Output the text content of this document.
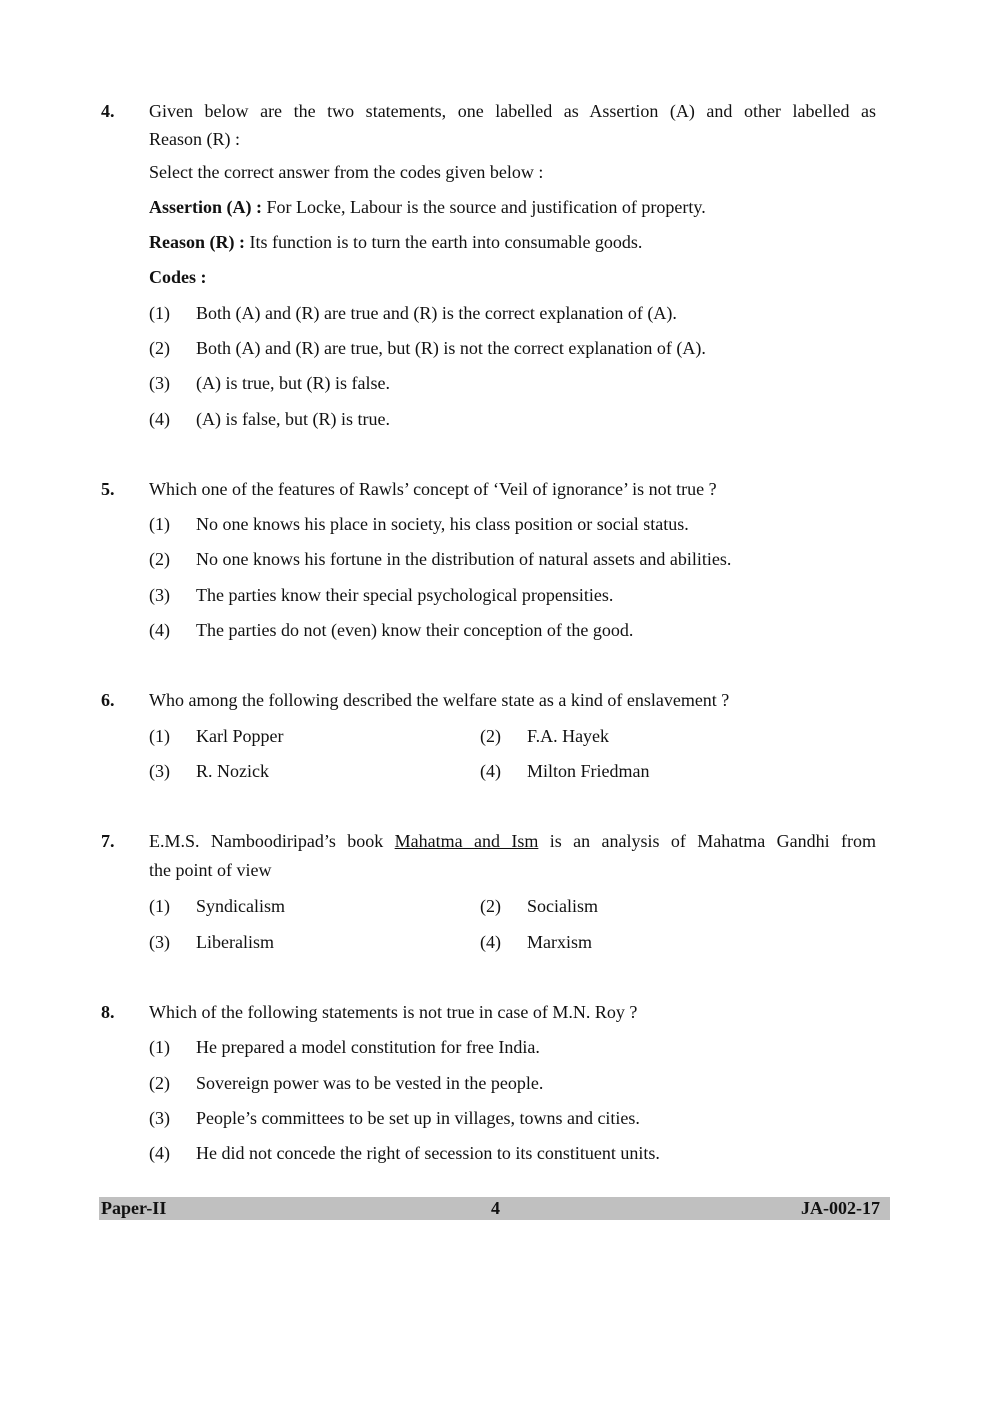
4. Given below are the two statements, one labelled as Assertion (A) and other labelled as
Reason (R) :
Select the correct answer from the codes given below :
Assertion (A) : For Locke, Labour is the source and justification of property.
Reason (R) : Its function is to turn the earth into consumable goods.
Codes :
(1) Both (A) and (R) are true and (R) is the correct explanation of (A).
(2) Both (A) and (R) are true, but (R) is not the correct explanation of (A).
(3) (A) is true, but (R) is false.
(4) (A) is false, but (R) is true.
5. Which one of the features of Rawls’ concept of ‘Veil of ignorance’ is not true ?
(1) No one knows his place in society, his class position or social status.
(2) No one knows his fortune in the distribution of natural assets and abilities.
(3) The parties know their special psychological propensities.
(4) The parties do not (even) know their conception of the good.
6. Who among the following described the welfare state as a kind of enslavement ?
(1) Karl Popper	(2) F.A. Hayek
(3) R. Nozick	(4) Milton Friedman
7. E.M.S. Namboodiripad’s book Mahatma and Ism is an analysis of Mahatma Gandhi from
the point of view
(1) Syndicalism	(2) Socialism
(3) Liberalism	(4) Marxism
8. Which of the following statements is not true in case of M.N. Roy ?
(1) He prepared a model constitution for free India.
(2) Sovereign power was to be vested in the people.
(3) People’s committees to be set up in villages, towns and cities.
(4) He did not concede the right of secession to its constituent units.
Paper-II	4	JA-002-17
